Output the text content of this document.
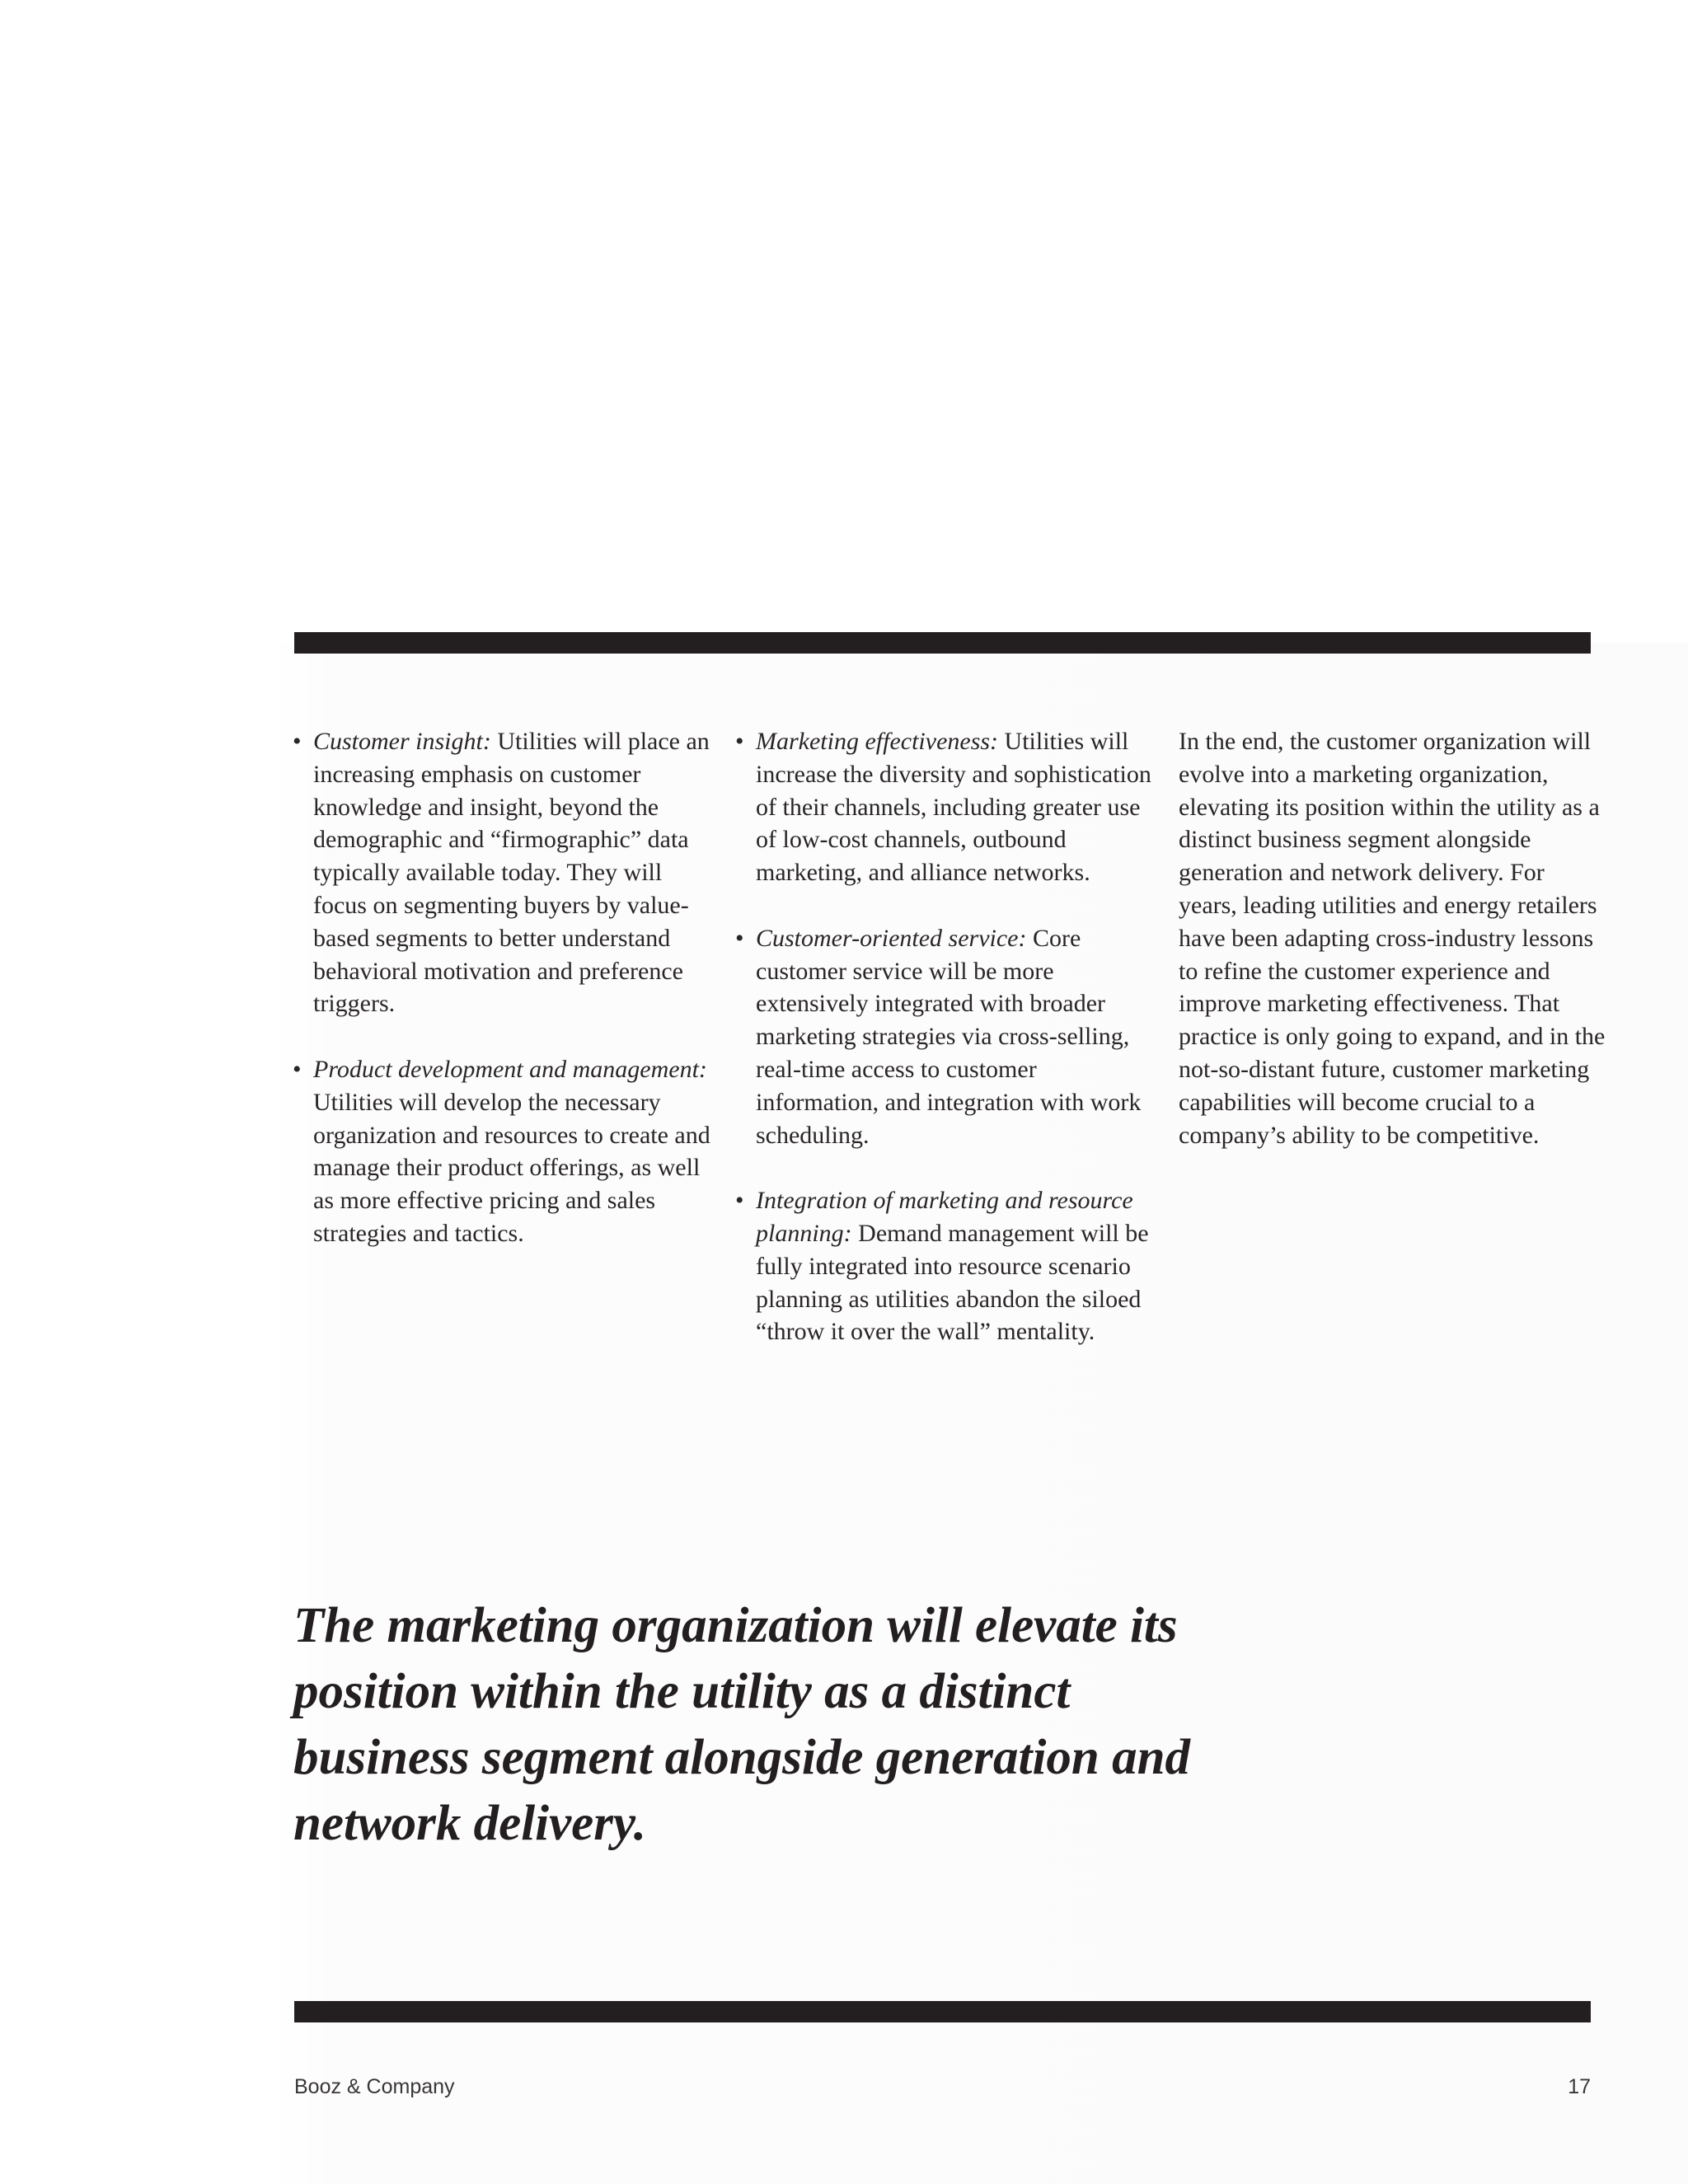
• Customer insight: Utilities will place an increasing emphasis on customer knowledge and insight, beyond the demographic and “firmographic” data typically available today. They will focus on segmenting buyers by value-based segments to better understand behavioral motivation and preference triggers.
• Product development and management: Utilities will develop the necessary organization and resources to create and manage their product offerings, as well as more effective pricing and sales strategies and tactics.
• Marketing effectiveness: Utilities will increase the diversity and sophistication of their channels, including greater use of low-cost channels, outbound marketing, and alliance networks.
• Customer-oriented service: Core customer service will be more extensively integrated with broader marketing strategies via cross-selling, real-time access to customer information, and integration with work scheduling.
• Integration of marketing and resource planning: Demand management will be fully integrated into resource scenario planning as utilities abandon the siloed “throw it over the wall” mentality.

In the end, the customer organization will evolve into a marketing organization, elevating its position within the utility as a distinct business segment alongside generation and network delivery. For years, leading utilities and energy retailers have been adapting cross-industry lessons to refine the customer experience and improve marketing effectiveness. That practice is only going to expand, and in the not-so-distant future, customer marketing capabilities will become crucial to a company’s ability to be competitive.

The marketing organization will elevate its position within the utility as a distinct business segment alongside generation and network delivery.

Booz & Company	17
